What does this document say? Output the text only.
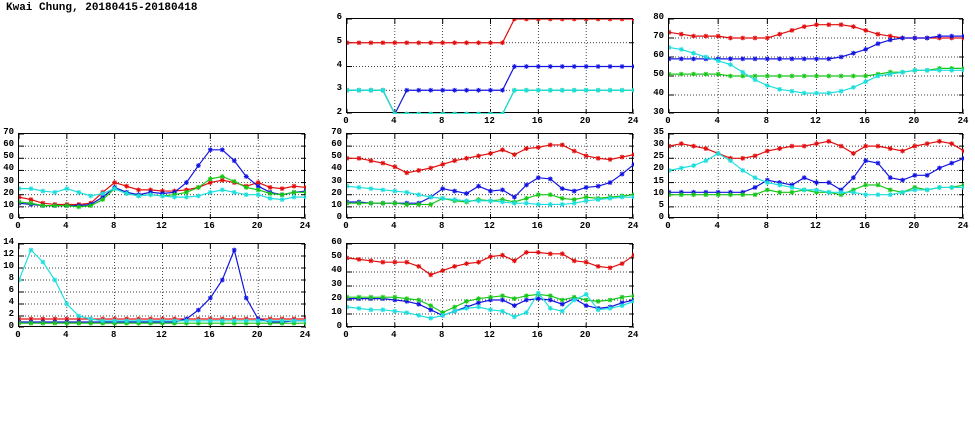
Kwai Chung, 20180415-20180418
0	4	8	12	16	20	24
2
3
4
5
6
0	4	8	12	16	20	24
30
40
50
60
70
80
0	4	8	12	16	20	24
0
10
20
30
40
50
60
70
0	4	8	12	16	20	24
0
10
20
30
40
50
60
70
0	4	8	12	16	20	24
0
5
10
15
20
25
30
35
0	4	8	12	16	20	24
0
2
4
6
8
10
12
14
0	4	8	12	16	20	24
0
10
20
30
40
50
60
